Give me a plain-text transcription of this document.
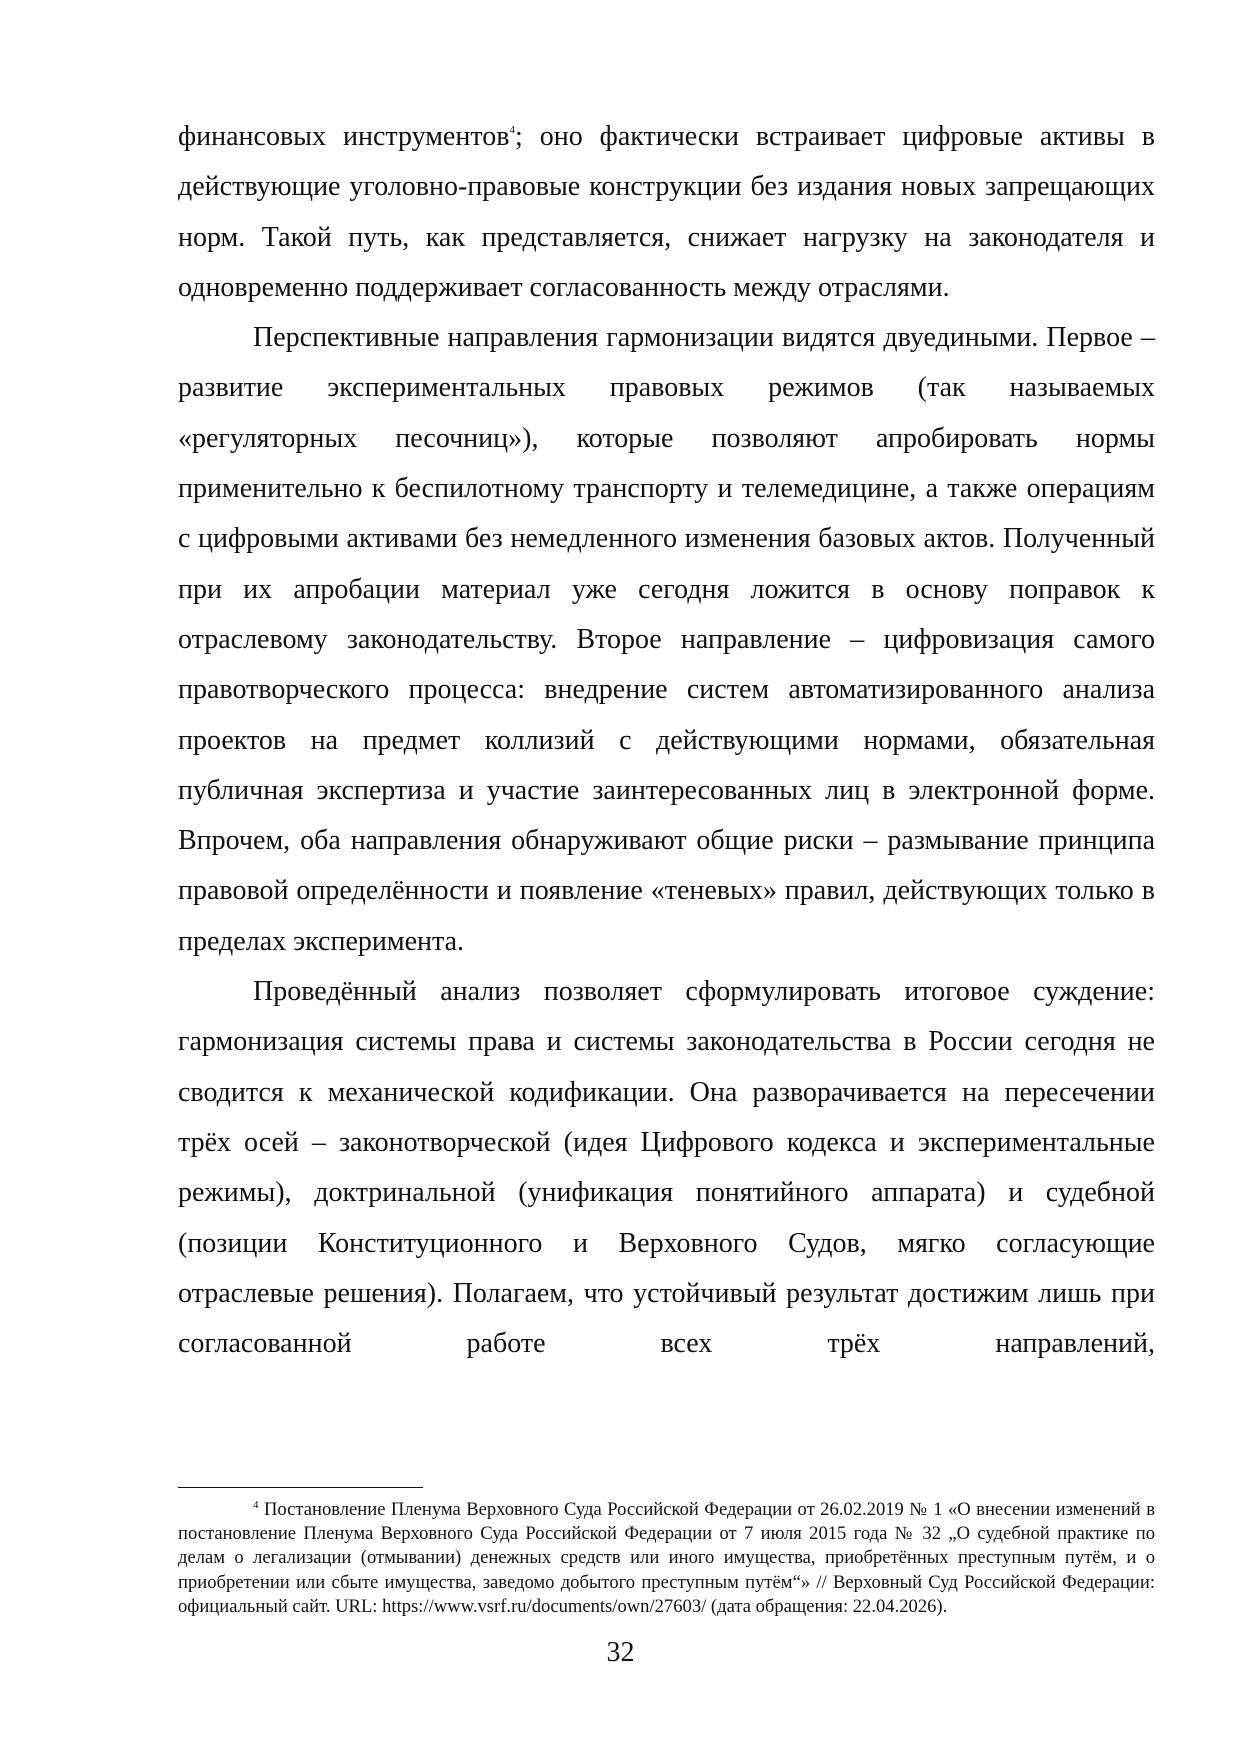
финансовых инструментов$^4$; оно фактически встраивает цифровые активы в действующие уголовно-правовые конструкции без издания новых запрещающих норм. Такой путь, как представляется, снижает нагрузку на законодателя и одновременно поддерживает согласованность между отраслями.

Перспективные направления гармонизации видятся двуедиными. Первое – развитие экспериментальных правовых режимов (так называемых «регуляторных песочниц»), которые позволяют апробировать нормы применительно к беспилотному транспорту и телемедицине, а также операциям с цифровыми активами без немедленного изменения базовых актов. Полученный при их апробации материал уже сегодня ложится в основу поправок к отраслевому законодательству. Второе направление – цифровизация самого правотворческого процесса: внедрение систем автоматизированного анализа проектов на предмет коллизий с действующими нормами, обязательная публичная экспертиза и участие заинтересованных лиц в электронной форме. Впрочем, оба направления обнаруживают общие риски – размывание принципа правовой определённости и появление «теневых» правил, действующих только в пределах эксперимента.

Проведённый анализ позволяет сформулировать итоговое суждение: гармонизация системы права и системы законодательства в России сегодня не сводится к механической кодификации. Она разворачивается на пересечении трёх осей – законотворческой (идея Цифрового кодекса и экспериментальные режимы), доктринальной (унификация понятийного аппарата) и судебной (позиции Конституционного и Верховного Судов, мягко согласующие отраслевые решения). Полагаем, что устойчивый результат достижим лишь при согласованной работе всех трёх направлений,

$^4$ Постановление Пленума Верховного Суда Российской Федерации от 26.02.2019 № 1 «О внесении изменений в постановление Пленума Верховного Суда Российской Федерации от 7 июля 2015 года № 32 „О судебной практике по делам о легализации (отмывании) денежных средств или иного имущества, приобретённых преступным путём, и о приобретении или сбыте имущества, заведомо добытого преступным путём“» // Верховный Суд Российской Федерации: официальный сайт. URL: https://www.vsrf.ru/documents/own/27603/ (дата обращения: 22.04.2026).

32
